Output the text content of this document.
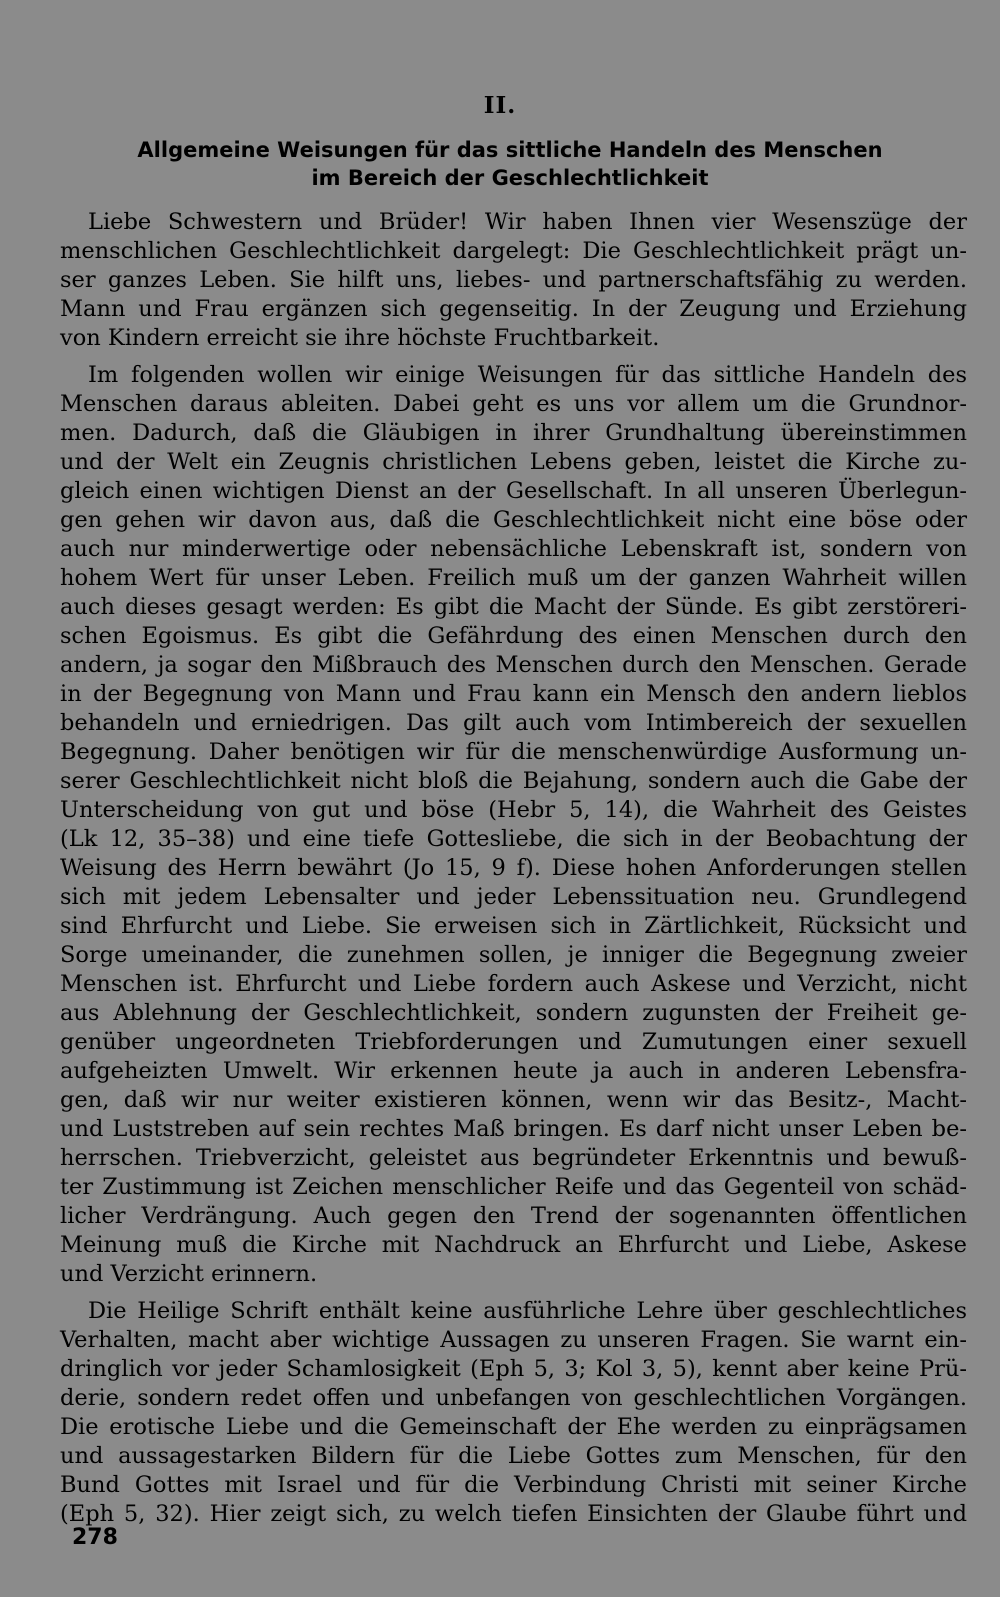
II.
Allgemeine Weisungen für das sittliche Handeln des Menschen
im Bereich der Geschlechtlichkeit
Liebe Schwestern und Brüder! Wir haben Ihnen vier Wesenszüge der
menschlichen Geschlechtlichkeit dargelegt: Die Geschlechtlichkeit prägt un-
ser ganzes Leben. Sie hilft uns, liebes- und partnerschaftsfähig zu werden.
Mann und Frau ergänzen sich gegenseitig. In der Zeugung und Erziehung
von Kindern erreicht sie ihre höchste Fruchtbarkeit.
Im folgenden wollen wir einige Weisungen für das sittliche Handeln des
Menschen daraus ableiten. Dabei geht es uns vor allem um die Grundnor-
men. Dadurch, daß die Gläubigen in ihrer Grundhaltung übereinstimmen
und der Welt ein Zeugnis christlichen Lebens geben, leistet die Kirche zu-
gleich einen wichtigen Dienst an der Gesellschaft. In all unseren Überlegun-
gen gehen wir davon aus, daß die Geschlechtlichkeit nicht eine böse oder
auch nur minderwertige oder nebensächliche Lebenskraft ist, sondern von
hohem Wert für unser Leben. Freilich muß um der ganzen Wahrheit willen
auch dieses gesagt werden: Es gibt die Macht der Sünde. Es gibt zerstöreri-
schen Egoismus. Es gibt die Gefährdung des einen Menschen durch den
andern, ja sogar den Mißbrauch des Menschen durch den Menschen. Gerade
in der Begegnung von Mann und Frau kann ein Mensch den andern lieblos
behandeln und erniedrigen. Das gilt auch vom Intimbereich der sexuellen
Begegnung. Daher benötigen wir für die menschenwürdige Ausformung un-
serer Geschlechtlichkeit nicht bloß die Bejahung, sondern auch die Gabe der
Unterscheidung von gut und böse (Hebr 5, 14), die Wahrheit des Geistes
(Lk 12, 35–38) und eine tiefe Gottesliebe, die sich in der Beobachtung der
Weisung des Herrn bewährt (Jo 15, 9 f). Diese hohen Anforderungen stellen
sich mit jedem Lebensalter und jeder Lebenssituation neu. Grundlegend
sind Ehrfurcht und Liebe. Sie erweisen sich in Zärtlichkeit, Rücksicht und
Sorge umeinander, die zunehmen sollen, je inniger die Begegnung zweier
Menschen ist. Ehrfurcht und Liebe fordern auch Askese und Verzicht, nicht
aus Ablehnung der Geschlechtlichkeit, sondern zugunsten der Freiheit ge-
genüber ungeordneten Triebforderungen und Zumutungen einer sexuell
aufgeheizten Umwelt. Wir erkennen heute ja auch in anderen Lebensfra-
gen, daß wir nur weiter existieren können, wenn wir das Besitz-, Macht-
und Luststreben auf sein rechtes Maß bringen. Es darf nicht unser Leben be-
herrschen. Triebverzicht, geleistet aus begründeter Erkenntnis und bewuß-
ter Zustimmung ist Zeichen menschlicher Reife und das Gegenteil von schäd-
licher Verdrängung. Auch gegen den Trend der sogenannten öffentlichen
Meinung muß die Kirche mit Nachdruck an Ehrfurcht und Liebe, Askese
und Verzicht erinnern.
Die Heilige Schrift enthält keine ausführliche Lehre über geschlechtliches
Verhalten, macht aber wichtige Aussagen zu unseren Fragen. Sie warnt ein-
dringlich vor jeder Schamlosigkeit (Eph 5, 3; Kol 3, 5), kennt aber keine Prü-
derie, sondern redet offen und unbefangen von geschlechtlichen Vorgängen.
Die erotische Liebe und die Gemeinschaft der Ehe werden zu einprägsamen
und aussagestarken Bildern für die Liebe Gottes zum Menschen, für den
Bund Gottes mit Israel und für die Verbindung Christi mit seiner Kirche
(Eph 5, 32). Hier zeigt sich, zu welch tiefen Einsichten der Glaube führt und
278
